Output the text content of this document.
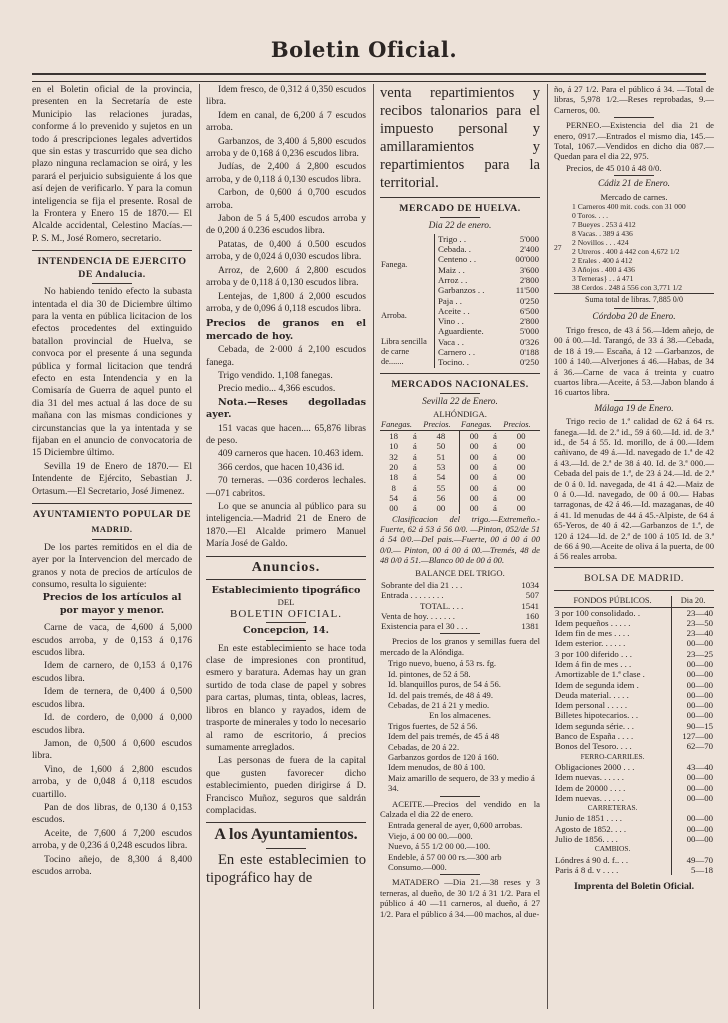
Boletin Oficial.

en el Boletin oficial de la provincia, presenten en la Secretaría de este Municipio las relaciones juradas, conforme á lo prevenido y sujetos en un todo á prescripciones legales advertidos que sin estas y trascurrido que sea dicho plazo ninguna reclamacion se oirá, y les parará el perjuicio subsiguiente á los que así dejen de verificarlo. Y para la comun inteligencia se fija el presente. Rosal de la Frontera y Enero 15 de 1870.— El Alcalde accidental, Celestino Macías.—P. S. M., José Romero, secretario.

INTENDENCIA DE EJERCITO DE Andalucia.

No habiendo tenido efecto la subasta intentada el dia 30 de Diciembre último para la venta en pública licitacion de los efectos procedentes del extinguido batallon provincial de Huelva, se convoca por el presente á una segunda pública y formal licitacion que tendrá efecto en esta Intendencia y en la Comisaría de Guerra de aquel punto el dia 31 del mes actual á las doce de su mañana con las mismas condiciones y circunstancias que la ya intentada y se fijaban en el anuncio de convocatoria de 15 Diciembre último.

Sevilla 19 de Enero de 1870.— El Intendente de Ejército, Sebastian J. Ortasum.—El Secretario, José Jimenez.

AYUNTAMIENTO POPULAR DE
MADRID.

De los partes remitidos en el dia de ayer por la Intervencion del mercado de granos y nota de precios de artículos de consumo, resulta lo siguiente:

Precios de los artículos al por mayor y menor.

Carne de vaca, de 4,600 á 5,000 escudos arroba, y de 0,153 á 0,176 escudos libra.

Idem de carnero, de 0,153 á 0,176 escudos libra.

Idem de ternera, de 0,400 á 0,500 escudos libra.

Id. de cordero, de 0,000 á 0,000 escudos libra.

Jamon, de 0,500 á 0,600 escudos libra.

Vino, de 1,600 á 2,800 escudos arroba, y de 0,048 á 0,118 escudos cuartillo.

Pan de dos libras, de 0,130 á 0,153 escudos.

Aceite, de 7,600 á 7,200 escudos arroba, y de 0,236 á 0,248 escudos libra.

Tocino añejo, de 8,300 á 8,400 escudos arroba.

Idem fresco, de 0,312 á 0,350 escudos libra.

Idem en canal, de 6,200 á 7 escudos arroba.

Garbanzos, de 3,400 á 5,800 escudos arroba y de 0,168 á 0,236 escudos libra.

Judías, de 2,400 á 2,800 escudos arroba, y de 0,118 á 0,130 escudos libra.

Carbon, de 0,600 á 0,700 escudos arroba.

Jabon de 5 á 5,400 escudos arroba y de 0,200 á 0.236 escudos libra.

Patatas, de 0,400 á 0.500 escudos arroba, y de 0,024 á 0,030 escudos libra.

Arroz, de 2,600 á 2,800 escudos arroba y de 0,118 á 0,130 escudos libra.

Lentejas, de 1,800 á 2,000 escudos arroba, y de 0,096 á 0,118 escudos libra.

Precios de granos en el mercado de hoy.

Cebada, de 2·000 á 2,100 escudos fanega.

Trigo vendido. 1,108 fanegas.

Precio medio... 4,366 escudos.

Nota.—Reses degolladas ayer.

151 vacas que hacen.... 65,876 libras de peso.

409 carneros que hacen. 10.463 idem.

366 cerdos, que hacen 10,436 id.

70 terneras. —036 corderos lechales.—071 cabritos.

Lo que se anuncia al público para su inteligencia.—Madrid 21 de Enero de 1870.—El Alcalde primero Manuel María José de Galdo.

Anuncios.
Establecimiento tipográfico
DEL
BOLETIN OFICIAL.
Concepcion, 14.

En este establecimiento se hace toda clase de impresiones con prontitud, esmero y baratura. Ademas hay un gran surtido de toda clase de papel y sobres para cartas, plumas, tinta, obleas, lacres, libros en blanco y rayados, idem de trasporte de minerales y todo lo necesario al ramo de escritorio, á precios sumamente arreglados.

Las personas de fuera de la capital que gusten favorecer dicho establecimiento, pueden dirigirse á D. Francisco Muñoz, seguros que saldrán complacidas.

A los Ayuntamientos.

En este establecimien to tipográfico hay de

venta repartimientos y recibos talonarios para el impuesto personal y amillaramientos y repartimientos para la territorial.

MERCADO DE HUELVA.
Dia 22 de enero.
Fanega.	Trigo . .	5'000
	Cebada. .	2'400
	Centeno . .	00'000
	Maiz . .	3'600
	Arroz . .	2'800
	Garbanzos . .	11'500
Arroba.	Paja . .	0'250
	Aceite . .	6'500
	Vino . .	2'800
	Aguardiente.	5'000
Libra sencilla de carne de.......	Vaca . .	0'326
	Carnero . .	0'188
	Tocino. .	0'250
MERCADOS NACIONALES.
Sevilla 22 de Enero.
ALHÓNDIGA.
Fanegas.		Precios.	Fanegas.		Precios.
18	á	48	00	á	00
10	á	50	00	á	00
32	á	51	00	á	00
20	á	53	00	á	00
18	á	54	00	á	00
8	á	55	00	á	00
54	á	56	00	á	00
00	á	00	00	á	00

Clasificacion del trigo.—Extremeño.-Fuerte, 62 á 53 á 56 0/0. —Pinton, 052/de 51 á 54 0/0.—Del pais.—Fuerte, 00 á 00 á 00 0/0.— Pinton, 00 á 00 á 00.—Tremés, 48 de 48 0/0 á 51.—Blanco 00 de 00 á 00.

BALANCE DEL TRIGO.
Sobrante del dia 21 . . .	1034
Entrada . . . . . . . .	507
TOTAL. . . .	1541
Venta de hoy. . . . . . .	160
Existencia para el 30 . . .	1381

Precios de los granos y semillas fuera del mercado de la Alóndiga.

Trigo nuevo, bueno, á 53 rs. fg.
Id. pintones, de 52 á 58.
Id. blanquillos puros, de 54 á 56.
Id. del pais tremés, de 48 á 49.
Cebadas, de 21 á 21 y medio.
En los almacenes.
Trigos fuertes, de 52 á 56.
Idem del pais tremés, de 45 á 48
Cebadas, de 20 á 22.
Garbanzos gordos de 120 á 160.
Idem menudos, de 80 á 100.
Maiz amarillo de sequero, de 33 y medio á 34.

ACEITE.—Precios del vendido en la Calzada el dia 22 de enero.

Entrada general de ayer, 0,600 arrobas.
Viejo, á 00 00 00.—000.
Nuevo, á 55 1/2 00 00.—100.
Endeble, á 57 00 00 rs.—300 arb
Consumo.—000.

MATADERO —Dia 21.—38 reses y 3 terneras, al dueño, de 30 1/2 á 31 1/2. Para el público á 40 —11 carneros, al dueño, á 27 1/2. Para el público á 34.—00 machos, al due-

ño, á 27 1/2. Para el público á 34. —Total de libras, 5,978 1/2.—Reses reprobadas, 9.—Carneros, 00.

PERNEO.—Existencia del dia 21 de enero, 0917.—Entrados el mismo dia, 145.—Total, 1067.—Vendidos en dicho dia 087.—Quedan para el dia 22, 975.

Precios, de 45 010 á 48 0/0.

Cádiz 21 de Enero.
Mercado de carnes.
27
1 Carneros 400 mit. cods. con 31 000
0 Toros. . . .
7 Bueyes . 253 á 412
8 Vacas. . 389 á 436
2 Novillos . . . 424
2 Utreros . 400 á 442 con 4,672 1/2
2 Erales . 400 á 412
3 Añojos . 400 á 436
3 Terneras} . . á 471
38 Cerdos . 248 á 556 con 3,771 1/2
Suma total de libras. 7,885 0/0
Córdoba 20 de Enero.

Trigo fresco, de 43 á 56.—Idem añejo, de 00 á 00.—Id. Tarangó, de 33 á 38.—Cebada, de 18 á 19.— Escaña, á 12 —Garbanzos, de 100 á 140.—Alverjones á 46.—Habas, de 34 á 36.—Carne de vaca á treinta y cuatro cuartos libra.—Aceite, á 53.—Jabon blando á 16 cuartos libra.

Málaga 19 de Enero.

Trigo recio de 1.ª calidad de 62 á 64 rs. fanega.—Id. de 2.ª id., 59 á 60.—Id. id. de 3.ª id., de 54 á 55. Id. morillo, de á 00.—Idem cañivano, de 49 á.—Id. navegado de 1.ª de 42 á 43.—Id. de 2.ª de 38 á 40. Id. de 3.ª 000.—Cebada del pais de 1.ª, de 23 á 24.—Id. de 2.ª de 0 á 0. Id. navegada, de 41 á 42.—Maiz de 0 á 0.—Id. navegado, de 00 á 00.— Habas tarragonas, de 42 á 46.—Id. mazaganas, de 40 á 41. Id menudas de 44 á 45.-Alpiste, de 64 á 65-Yeros, de 40 á 42.—Garbanzos de 1.ª, de 120 á 124—Id. de 2.ª de 100 á 105 Id. de 3.ª de 66 á 90.—Aceite de oliva á la puerta, de 00 á 56 reales arroba.

BOLSA DE MADRID.
FONDOS PÚBLICOS.	Dia 20.
3 por 100 consolidado. .	23—40
Idem pequeños . . . . .	23—50
Idem fin de mes . . . .	23—40
Idem esterior. . . . . .	00—00
3 por 100 diferido . . .	23—25
Idem á fin de mes . . .	00—00
Amortizable de 1.ª clase .	00—00
Idem de segunda idem .	00—00
Deuda material. . . . .	00—00
Idem personal . . . . .	00—00
Billetes hipotecarios. . .	00—00
Idem segunda série. . .	90—15
Banco de España . . . .	127—00
Bonos del Tesoro. . . .	62—70
FERRO-CARRILES.	
Obligaciones 2000 . . .	43—40
Idem nuevas. . . . . .	00—00
Idem de 20000 . . . .	00—00
Idem nuevas. . . . . .	00—00
CARRETERAS.	
Junio de 1851 . . . .	00—00
Agosto de 1852. . . .	00—00
Julio de 1856. . . .	00—00
CAMBIOS.	
Lóndres á 90 d. f.. . .	49—70
Paris á 8 d. v . . . .	5—18
Imprenta del Boletin Oficial.
